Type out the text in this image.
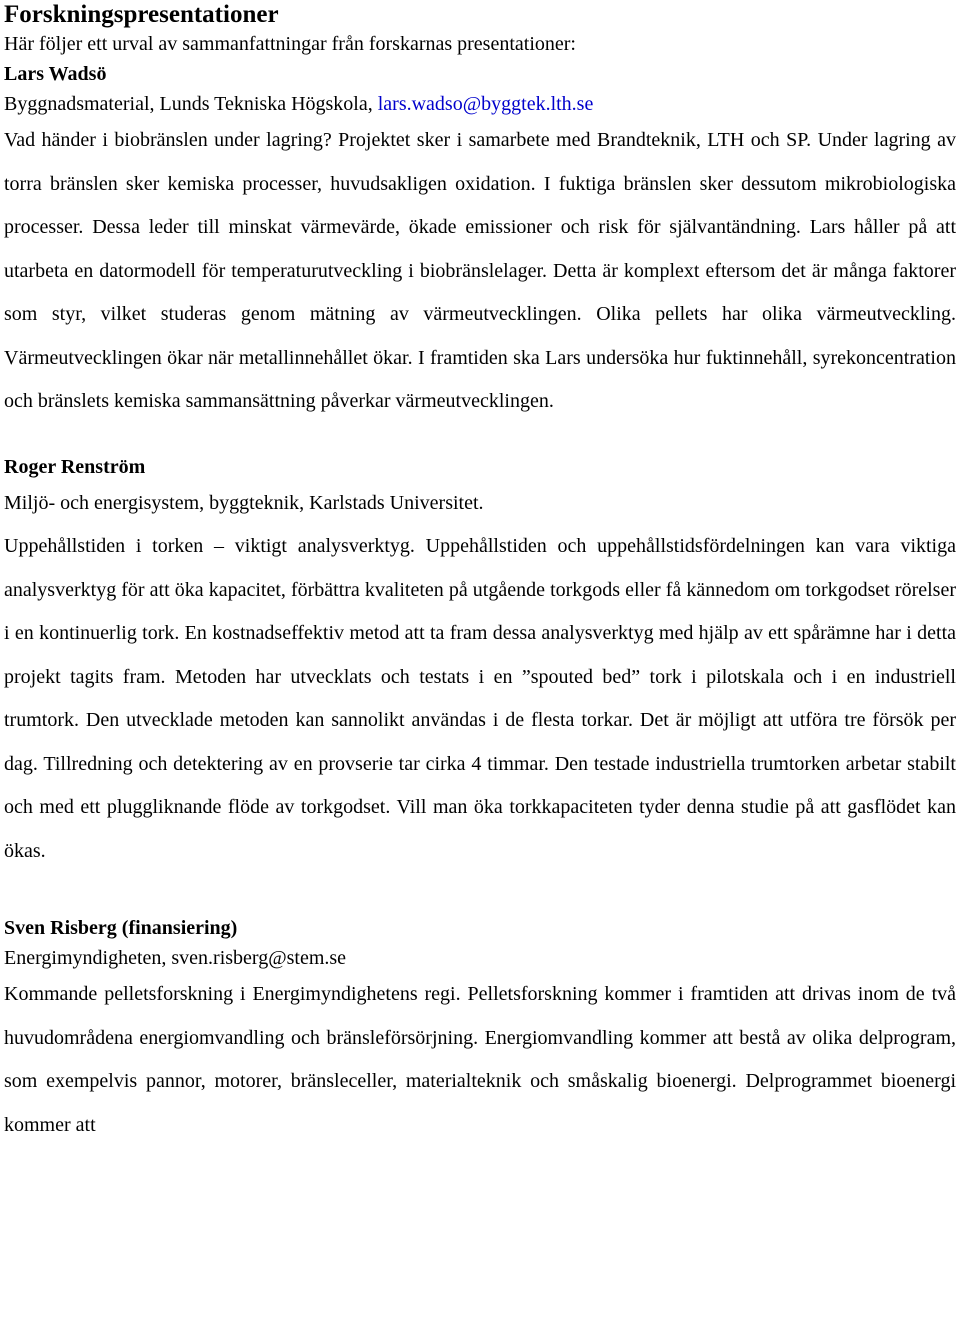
Forskningspresentationer

Här följer ett urval av sammanfattningar från forskarnas presentationer:

Lars Wadsö

Byggnadsmaterial, Lunds Tekniska Högskola, lars.wadso@byggtek.lth.se

Vad händer i biobränslen under lagring? Projektet sker i samarbete med Brandteknik, LTH och SP. Under lagring av torra bränslen sker kemiska processer, huvudsakligen oxidation. I fuktiga bränslen sker dessutom mikrobiologiska processer. Dessa leder till minskat värmevärde, ökade emissioner och risk för självantändning. Lars håller på att utarbeta en datormodell för temperaturutveckling i biobränslelager. Detta är komplext eftersom det är många faktorer som styr, vilket studeras genom mätning av värmeutvecklingen. Olika pellets har olika värmeutveckling. Värmeutvecklingen ökar när metallinnehållet ökar. I framtiden ska Lars undersöka hur fuktinnehåll, syrekoncentration och bränslets kemiska sammansättning påverkar värmeutvecklingen.

Roger Renström

Miljö- och energisystem, byggteknik, Karlstads Universitet.

Uppehållstiden i torken – viktigt analysverktyg. Uppehållstiden och uppehållstidsfördelningen kan vara viktiga analysverktyg för att öka kapacitet, förbättra kvaliteten på utgående torkgods eller få kännedom om torkgodset rörelser i en kontinuerlig tork. En kostnadseffektiv metod att ta fram dessa analysverktyg med hjälp av ett spårämne har i detta projekt tagits fram. Metoden har utvecklats och testats i en ”spouted bed” tork i pilotskala och i en industriell trumtork. Den utvecklade metoden kan sannolikt användas i de flesta torkar. Det är möjligt att utföra tre försök per dag. Tillredning och detektering av en provserie tar cirka 4 timmar. Den testade industriella trumtorken arbetar stabilt och med ett pluggliknande flöde av torkgodset. Vill man öka torkkapaciteten tyder denna studie på att gasflödet kan ökas.

Sven Risberg (finansiering)

Energimyndigheten, sven.risberg@stem.se

Kommande pelletsforskning i Energimyndighetens regi. Pelletsforskning kommer i framtiden att drivas inom de två huvudområdena energiomvandling och bränsleförsörjning. Energiomvandling kommer att bestå av olika delprogram, som exempelvis pannor, motorer, bränsleceller, materialteknik och småskalig bioenergi. Delprogrammet bioenergi kommer att
